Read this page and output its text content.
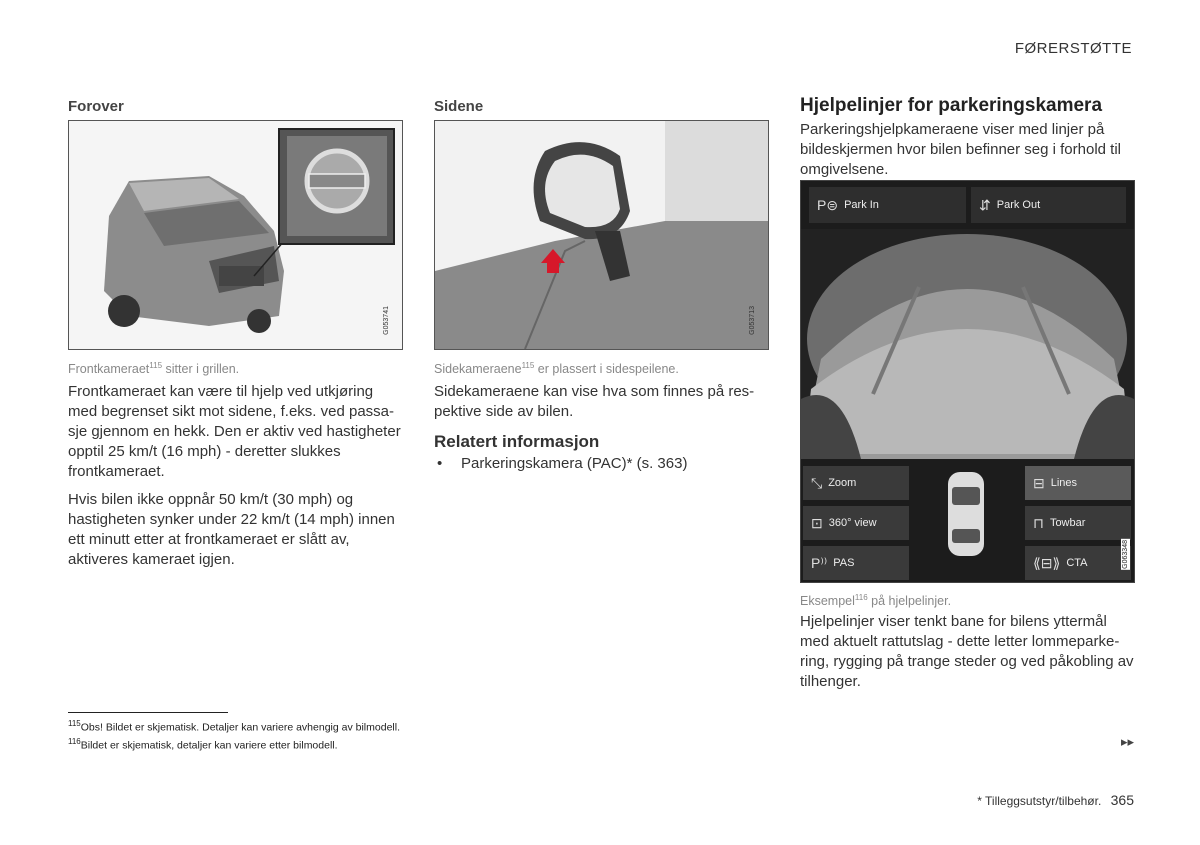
FØRERSTØTTE
Forover
G053741
Frontkameraet$^{115}$ sitter i grillen.

Frontkameraet kan være til hjelp ved utkjøring med begrenset sikt mot sidene, f.eks. ved passasje gjennom en hekk. Den er aktiv ved hastigheter opptil 25 km/t (16 mph) - deretter slukkes frontkameraet.

Hvis bilen ikke oppnår 50 km/t (30 mph) og hastigheten synker under 22 km/t (14 mph) innen ett minutt etter at frontkameraet er slått av, aktiveres kameraet igjen.

Sidene
G053713
Sidekameraene$^{115}$ er plassert i sidespeilene.

Sidekameraene kan vise hva som finnes på respektive side av bilen.

Relatert informasjon
• Parkeringskamera (PAC)* (s. 363)
Hjelpelinjer for parkeringskamera
Parkeringshjelpkameraene viser med linjer på bildeskjermen hvor bilen befinner seg i forhold til omgivelsene.
P⊜ Park In	⇵ Park Out
⤡ Zoom
⊡ 360° view
P⁾⁾ PAS
⊟ Lines
⊓ Towbar
⟪⊟⟫ CTA	G063348
Eksempel$^{116}$ på hjelpelinjer.
Hjelpelinjer viser tenkt bane for bilens yttermål med aktuelt rattutslag - dette letter lommeparkering, rygging på trange steder og ved påkobling av tilhenger.
$^{115}$Obs! Bildet er skjematisk. Detaljer kan variere avhengig av bilmodell.
$^{116}$Bildet er skjematisk, detaljer kan variere etter bilmodell.	▸▸
* Tilleggsutstyr/tilbehør. 365
